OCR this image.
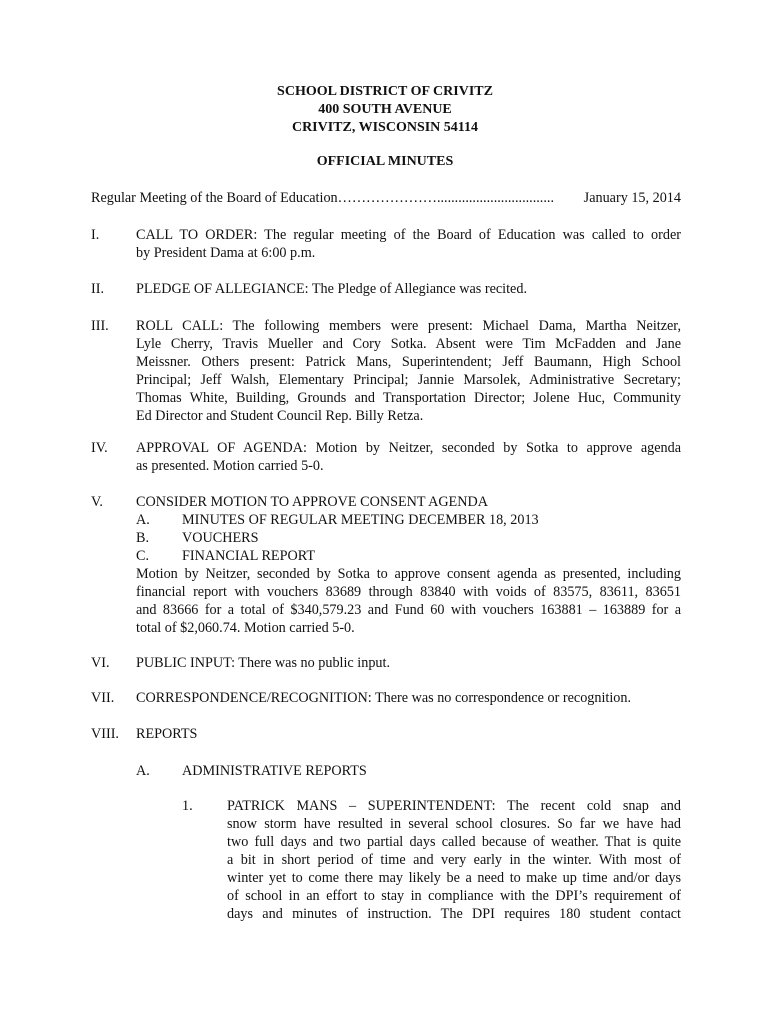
SCHOOL DISTRICT OF CRIVITZ
400 SOUTH AVENUE
CRIVITZ, WISCONSIN 54114
OFFICIAL MINUTES
Regular Meeting of the Board of Education…………………................................. January 15, 2014
I.	CALL TO ORDER: The regular meeting of the Board of Education was called to order
by President Dama at 6:00 p.m.
II. PLEDGE OF ALLEGIANCE: The Pledge of Allegiance was recited.
III. ROLL CALL: The following members were present: Michael Dama, Martha Neitzer,
Lyle Cherry, Travis Mueller and Cory Sotka. Absent were Tim McFadden and Jane
Meissner. Others present: Patrick Mans, Superintendent; Jeff Baumann, High School
Principal; Jeff Walsh, Elementary Principal; Jannie Marsolek, Administrative Secretary;
Thomas White, Building, Grounds and Transportation Director; Jolene Huc, Community
Ed Director and Student Council Rep. Billy Retza.
IV. APPROVAL OF AGENDA: Motion by Neitzer, seconded by Sotka to approve agenda
as presented. Motion carried 5-0.
V. CONSIDER MOTION TO APPROVE CONSENT AGENDA
A. MINUTES OF REGULAR MEETING DECEMBER 18, 2013
B. VOUCHERS
C. FINANCIAL REPORT
Motion by Neitzer, seconded by Sotka to approve consent agenda as presented, including
financial report with vouchers 83689 through 83840 with voids of 83575, 83611, 83651
and 83666 for a total of $340,579.23 and Fund 60 with vouchers 163881 – 163889 for a
total of $2,060.74. Motion carried 5-0.
VI. PUBLIC INPUT: There was no public input.
VII. CORRESPONDENCE/RECOGNITION: There was no correspondence or recognition.
VIII. REPORTS
A. ADMINISTRATIVE REPORTS
1. PATRICK MANS – SUPERINTENDENT: The recent cold snap and
snow storm have resulted in several school closures. So far we have had
two full days and two partial days called because of weather. That is quite
a bit in short period of time and very early in the winter. With most of
winter yet to come there may likely be a need to make up time and/or days
of school in an effort to stay in compliance with the DPI’s requirement of
days and minutes of instruction. The DPI requires 180 student contact
